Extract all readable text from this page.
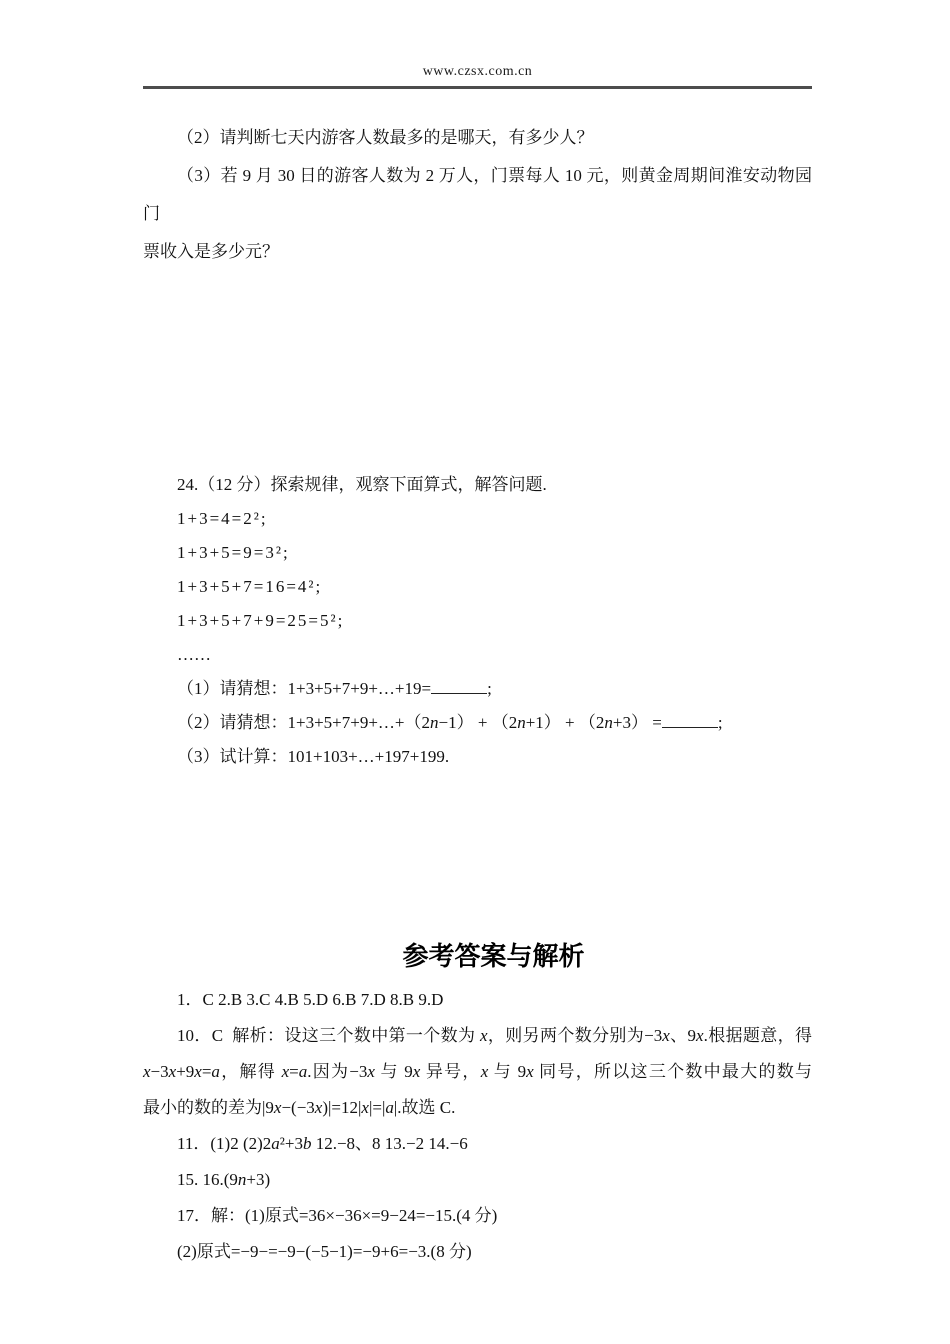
www.czsx.com.cn
（2）请判断七天内游客人数最多的是哪天，有多少人？
（3）若 9 月 30 日的游客人数为 2 万人，门票每人 10 元，则黄金周期间淮安动物园门
票收入是多少元？
24.（12 分）探索规律，观察下面算式，解答问题.
1+3=4=2²;
1+3+5=9=3²;
1+3+5+7=16=4²;
1+3+5+7+9=25=5²;
……
（1）请猜想：1+3+5+7+9+…+19=	;
（2）请猜想：1+3+5+7+9+…+（2n−1） + （2n+1） + （2n+3） =	;
（3）试计算：101+103+…+197+199.
参考答案与解析
1．C 2.B 3.C 4.B 5.D 6.B 7.D 8.B 9.D
10．C  解析：设这三个数中第一个数为 x，则另两个数分别为−3x、9x.根据题意，得
x−3x+9x=a，解得 x=a.因为−3x 与 9x 异号，x 与 9x 同号，所以这三个数中最大的数与
最小的数的差为|9x−(−3x)|=12|x|=|a|.故选 C.
11．(1)2 (2)2a²+3b 12.−8、8 13.−2 14.−6
15. 16.(9n+3)
17．解：(1)原式=36×−36×=9−24=−15.(4 分)
(2)原式=−9−=−9−(−5−1)=−9+6=−3.(8 分)
